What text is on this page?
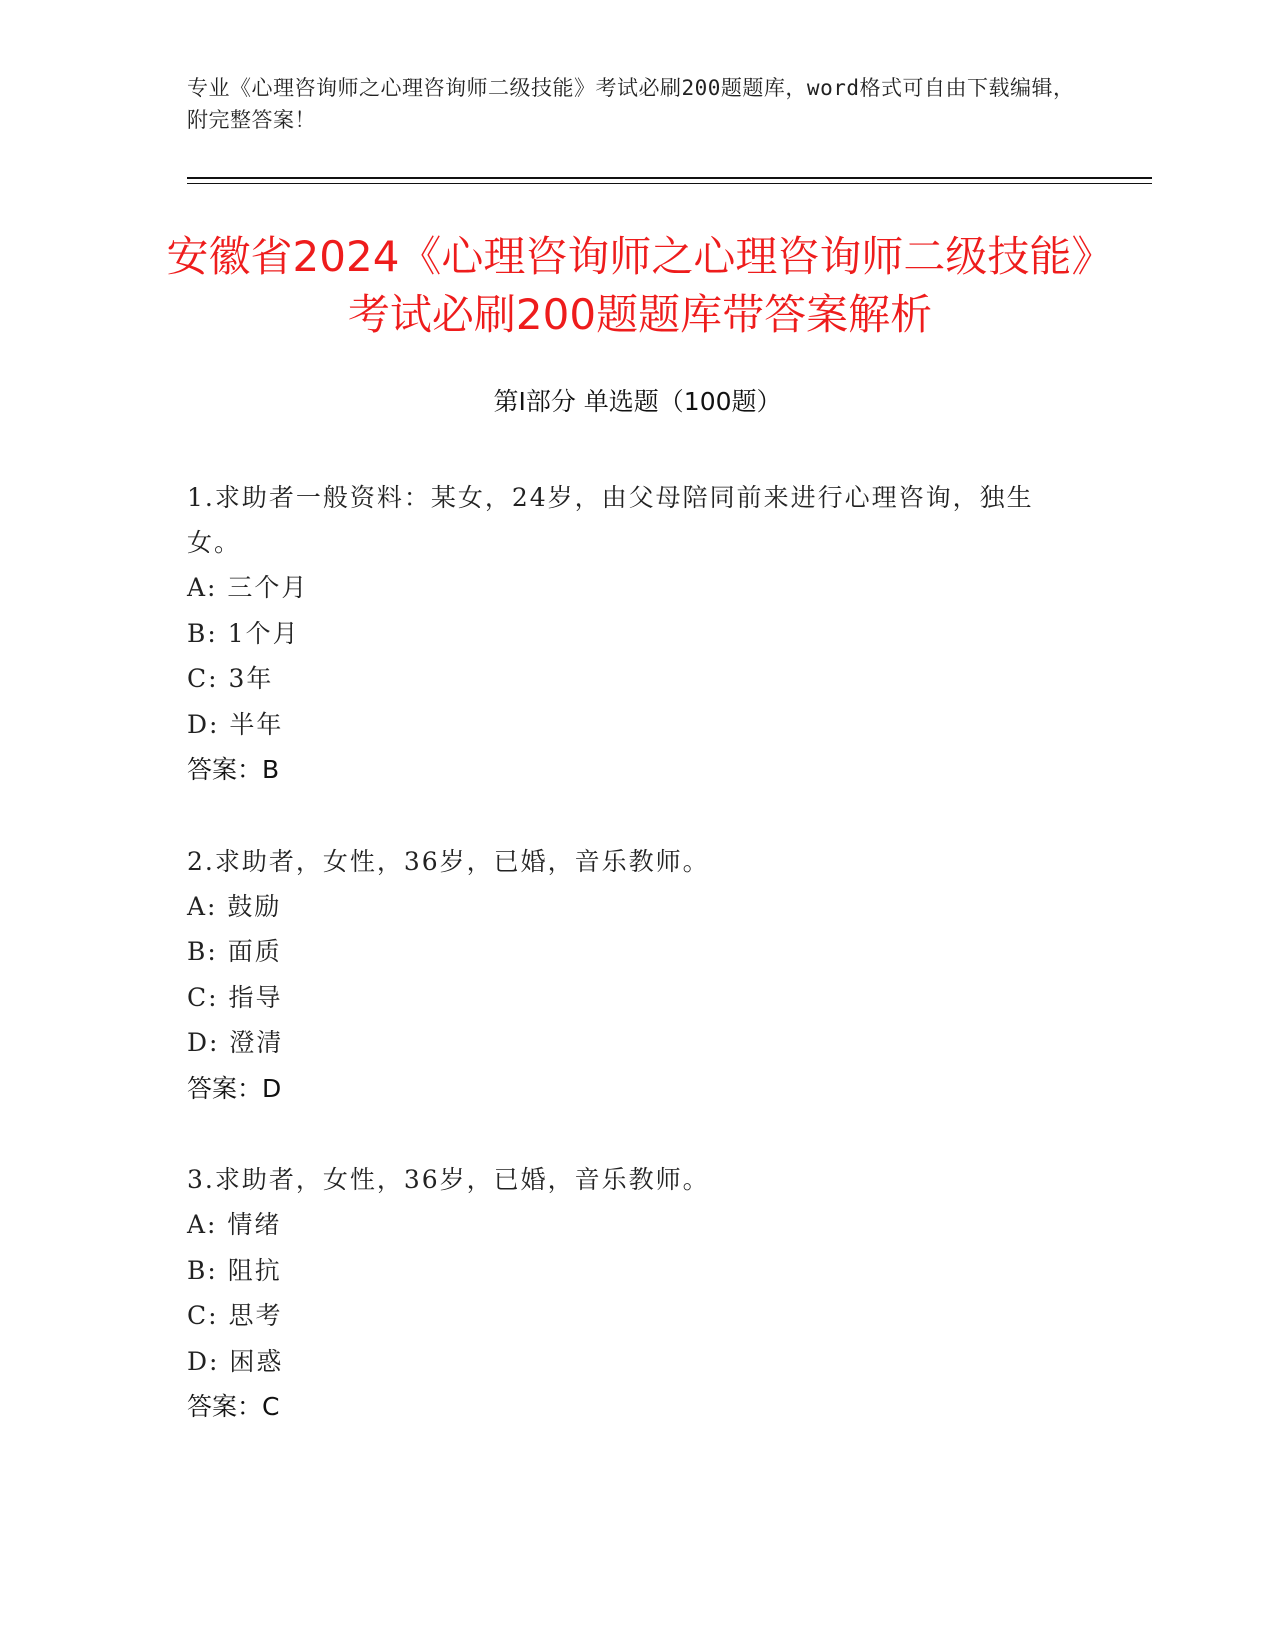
专业《心理咨询师之心理咨询师二级技能》考试必刷200题题库，word格式可自由下载编辑，附完整答案！
安徽省2024《心理咨询师之心理咨询师二级技能》考试必刷200题题库带答案解析
第Ⅰ部分 单选题（100题）
1.求助者一般资料：某女，24岁，由父母陪同前来进行心理咨询，独生女。
A: 三个月
B: 1个月
C: 3年
D: 半年
答案：B
2.求助者，女性，36岁，已婚，音乐教师。
A: 鼓励
B: 面质
C: 指导
D: 澄清
答案：D
3.求助者，女性，36岁，已婚，音乐教师。
A: 情绪
B: 阻抗
C: 思考
D: 困惑
答案：C
